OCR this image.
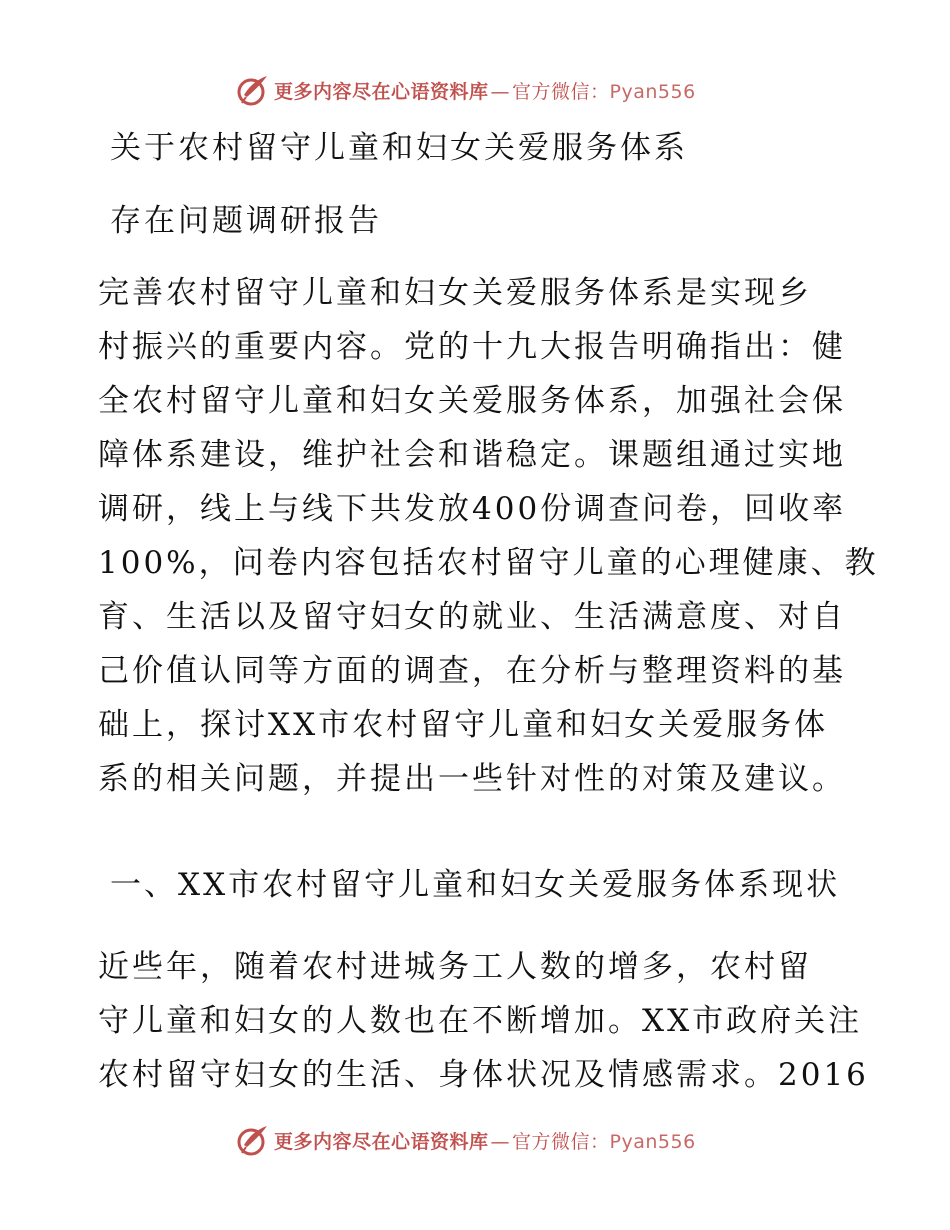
更多内容尽在心语资料库 — 官方微信：Pyan556
关于农村留守儿童和妇女关爱服务体系
存在问题调研报告
完善农村留守儿童和妇女关爱服务体系是实现乡
村振兴的重要内容。党的十九大报告明确指出：健
全农村留守儿童和妇女关爱服务体系，加强社会保
障体系建设，维护社会和谐稳定。课题组通过实地
调研，线上与线下共发放400份调查问卷，回收率
100%，问卷内容包括农村留守儿童的心理健康、教
育、生活以及留守妇女的就业、生活满意度、对自
己价值认同等方面的调查，在分析与整理资料的基
础上，探讨XX市农村留守儿童和妇女关爱服务体
系的相关问题，并提出一些针对性的对策及建议。
一、XX市农村留守儿童和妇女关爱服务体系现状
近些年，随着农村进城务工人数的增多，农村留
守儿童和妇女的人数也在不断增加。XX市政府关注
农村留守妇女的生活、身体状况及情感需求。2016
更多内容尽在心语资料库 — 官方微信：Pyan556
